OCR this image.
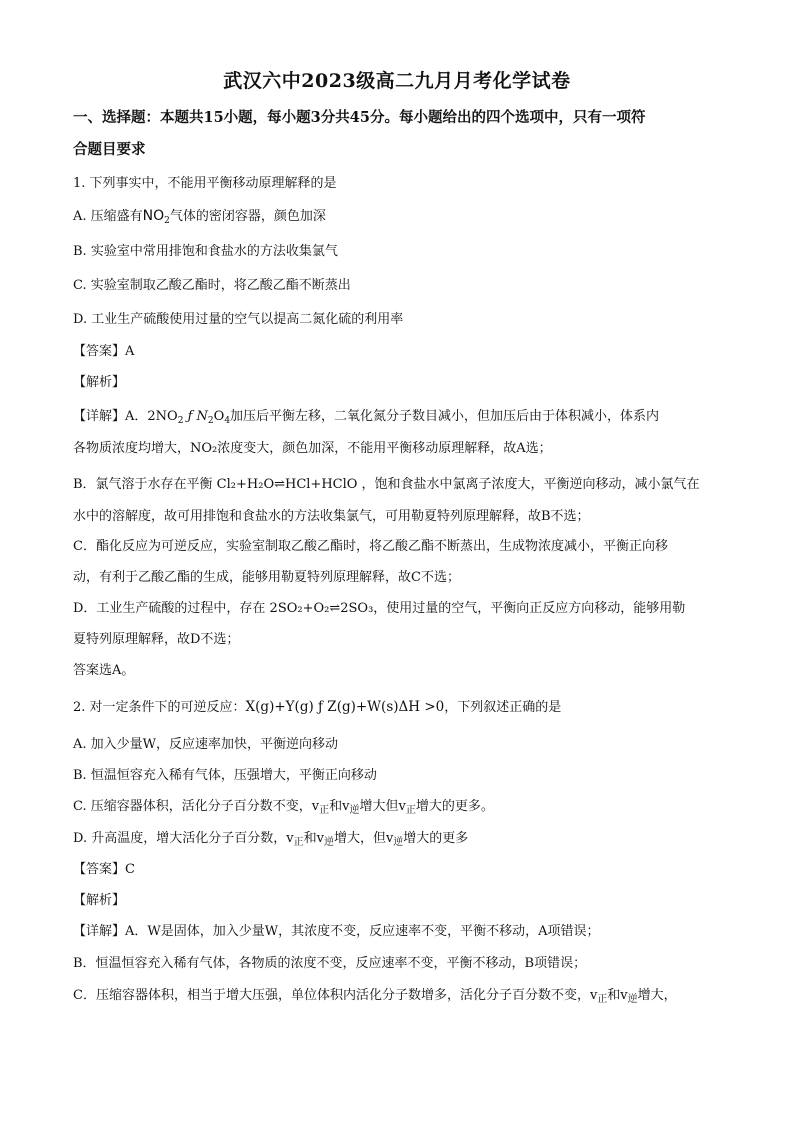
武汉六中2023级高二九月月考化学试卷
一、选择题：本题共15小题，每小题3分共45分。每小题给出的四个选项中，只有一项符
合题目要求
1. 下列事实中，不能用平衡移动原理解释的是
A. 压缩盛有$NO_2$气体的密闭容器，颜色加深
B. 实验室中常用排饱和食盐水的方法收集氯气
C. 实验室制取乙酸乙酯时，将乙酸乙酯不断蒸出
D. 工业生产硫酸使用过量的空气以提高二氮化硫的利用率
【答案】A
【解析】
【详解】A．$2NO_2$ ƒ $N_2O_4$加压后平衡左移，二氧化氮分子数目减小，但加压后由于体积减小，体系内
各物质浓度均增大，NO₂浓度变大，颜色加深，不能用平衡移动原理解释，故A选；
B．氯气溶于水存在平衡 Cl₂+H₂O⇌HCl+HClO ，饱和食盐水中氯离子浓度大，平衡逆向移动，减小氯气在
水中的溶解度，故可用排饱和食盐水的方法收集氯气，可用勒夏特列原理解释，故B不选；
C．酯化反应为可逆反应，实验室制取乙酸乙酯时，将乙酸乙酯不断蒸出，生成物浓度减小，平衡正向移
动，有利于乙酸乙酯的生成，能够用勒夏特列原理解释，故C不选；
D．工业生产硫酸的过程中，存在 2SO₂+O₂⇌2SO₃，使用过量的空气，平衡向正反应方向移动，能够用勒
夏特列原理解释，故D不选；
答案选A。
2. 对一定条件下的可逆反应：X(g)+Y(g) ƒ Z(g)+W(s)ΔH >0，下列叙述正确的是
A. 加入少量W，反应速率加快，平衡逆向移动
B. 恒温恒容充入稀有气体，压强增大，平衡正向移动
C. 压缩容器体积，活化分子百分数不变，$v_正$和$v_逆$增大但$v_正$增大的更多。
D. 升高温度，增大活化分子百分数，$v_正$和$v_逆$增大，但$v_逆$增大的更多
【答案】C
【解析】
【详解】A．W是固体，加入少量W，其浓度不变，反应速率不变，平衡不移动，A项错误；
B．恒温恒容充入稀有气体，各物质的浓度不变，反应速率不变，平衡不移动，B项错误；
C．压缩容器体积，相当于增大压强，单位体积内活化分子数增多，活化分子百分数不变，$v_正$和$v_逆$增大，
